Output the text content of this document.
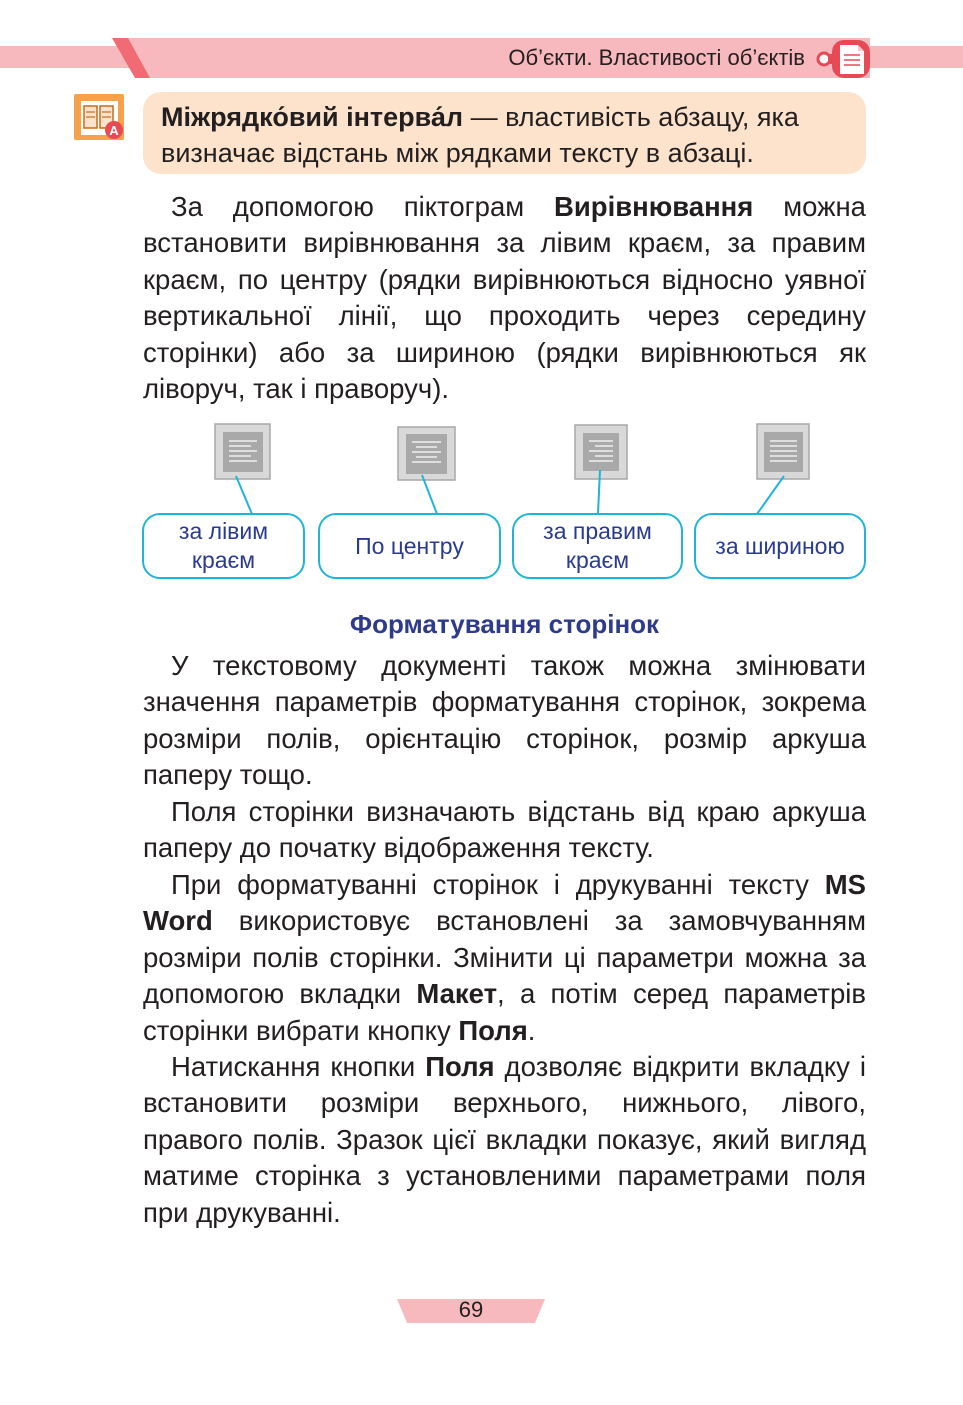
Об’єкти. Властивості об’єктів
A	Міжрядко́вий інтерва́л — властивість абзацу, яка визначає відстань між рядками тексту в абзаці.

За допомогою піктограм Вирівнювання можна встановити вирівнювання за лівим краєм, за правим краєм, по центру (рядки вирівнюються відносно уявної вертикальної лінії, що проходить через середину сторінки) або за шириною (рядки вирівнюються як ліворуч, так і праворуч).

за лівим
краєм
По центру
за правим
краєм
за шириною
Форматування сторінок

У текстовому документі також можна змінювати значення параметрів форматування сторінок, зокрема розміри полів, орієнтацію сторінок, розмір аркуша паперу тощо.

Поля сторінки визначають відстань від краю аркуша паперу до початку відображення тексту.

При форматуванні сторінок і друкуванні тексту MS Word використовує встановлені за замовчуванням розміри полів сторінки. Змінити ці параметри можна за допомогою вкладки Макет, а потім серед параметрів сторінки вибрати кнопку Поля.

Натискання кнопки Поля дозволяє відкрити вкладку і встановити розміри верхнього, нижнього, лівого, правого полів. Зразок цієї вкладки показує, який вигляд матиме сторінка з установленими параметрами поля при друкуванні.

69
